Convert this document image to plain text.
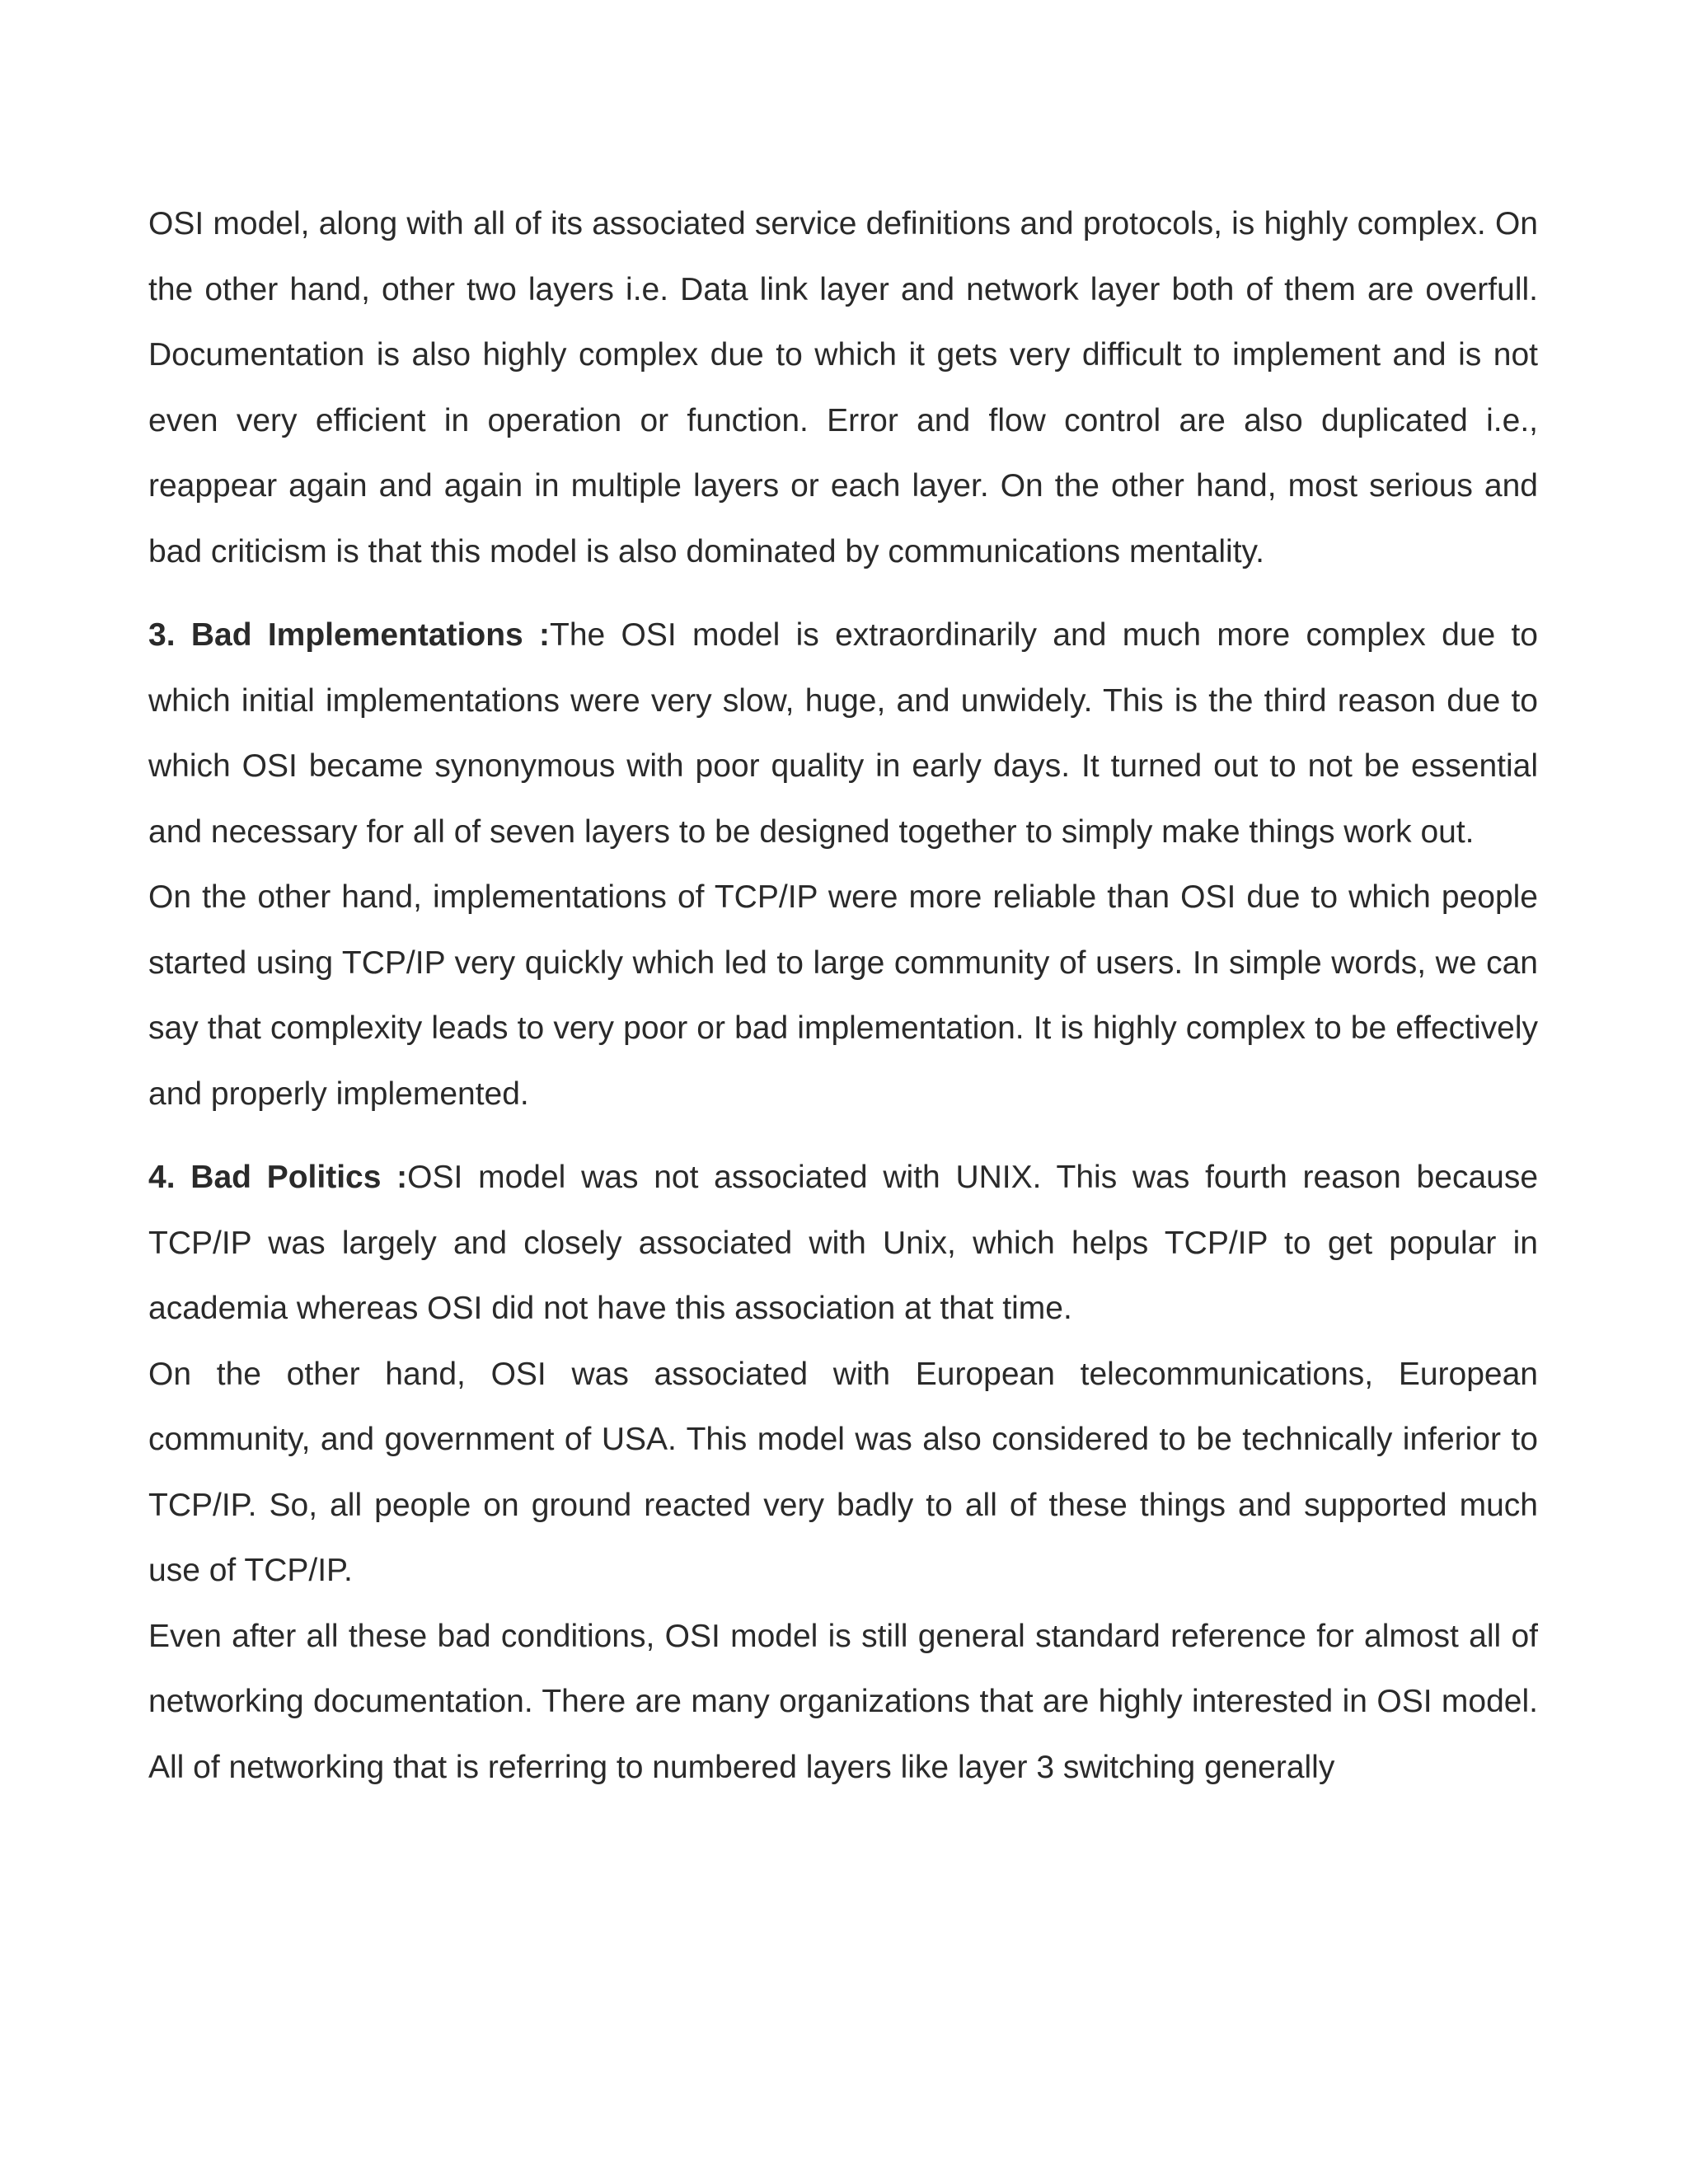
OSI model, along with all of its associated service definitions and protocols, is highly complex. On the other hand, other two layers i.e. Data link layer and network layer both of them are overfull. Documentation is also highly complex due to which it gets very difficult to implement and is not even very efficient in operation or function. Error and flow control are also duplicated i.e., reappear again and again in multiple layers or each layer. On the other hand, most serious and bad criticism is that this model is also dominated by communications mentality.

3. Bad Implementations :The OSI model is extraordinarily and much more complex due to which initial implementations were very slow, huge, and unwidely. This is the third reason due to which OSI became synonymous with poor quality in early days. It turned out to not be essential and necessary for all of seven layers to be designed together to simply make things work out.

On the other hand, implementations of TCP/IP were more reliable than OSI due to which people started using TCP/IP very quickly which led to large community of users. In simple words, we can say that complexity leads to very poor or bad implementation. It is highly complex to be effectively and properly implemented.

4. Bad Politics :OSI model was not associated with UNIX. This was fourth reason because TCP/IP was largely and closely associated with Unix, which helps TCP/IP to get popular in academia whereas OSI did not have this association at that time.

On the other hand, OSI was associated with European telecommunications, European community, and government of USA. This model was also considered to be technically inferior to TCP/IP. So, all people on ground reacted very badly to all of these things and supported much use of TCP/IP.

Even after all these bad conditions, OSI model is still general standard reference for almost all of networking documentation. There are many organizations that are highly interested in OSI model. All of networking that is referring to numbered layers like layer 3 switching generally
